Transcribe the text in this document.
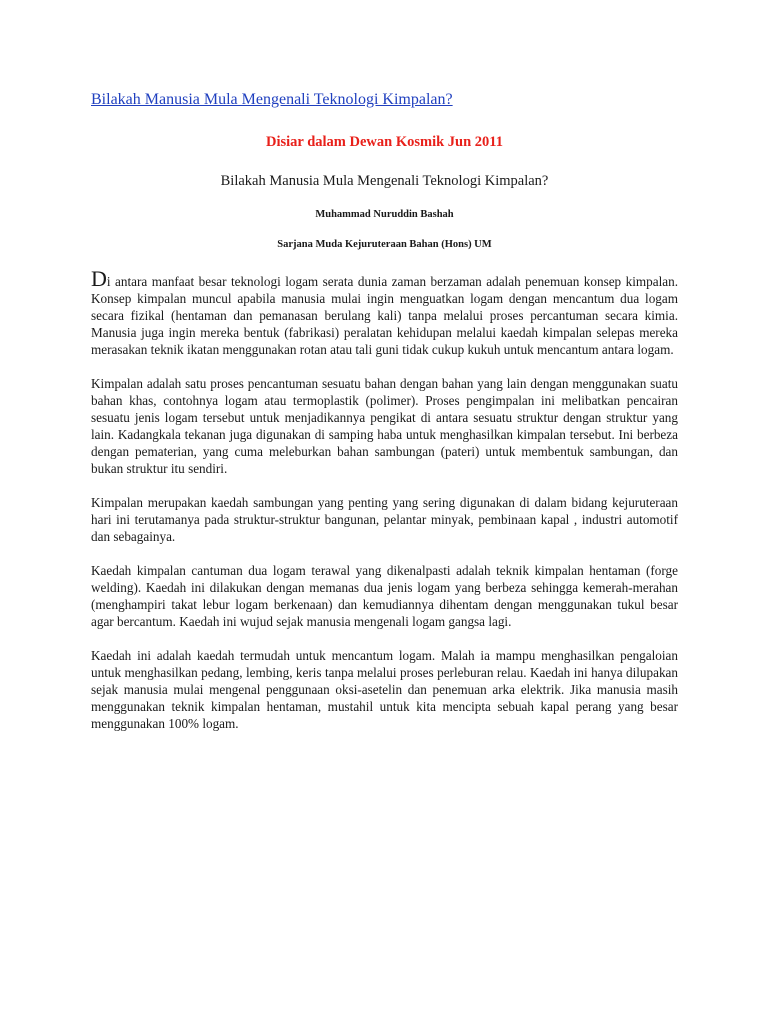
Bilakah Manusia Mula Mengenali Teknologi Kimpalan?
Disiar dalam Dewan Kosmik Jun 2011
Bilakah Manusia Mula Mengenali Teknologi Kimpalan?
Muhammad Nuruddin Bashah
Sarjana Muda Kejuruteraan Bahan (Hons) UM

Di antara manfaat besar teknologi logam serata dunia zaman berzaman adalah penemuan konsep kimpalan. Konsep kimpalan muncul apabila manusia mulai ingin menguatkan logam dengan mencantum dua logam secara fizikal (hentaman dan pemanasan berulang kali) tanpa melalui proses percantuman secara kimia. Manusia juga ingin mereka bentuk (fabrikasi) peralatan kehidupan melalui kaedah kimpalan selepas mereka merasakan teknik ikatan menggunakan rotan atau tali guni tidak cukup kukuh untuk mencantum antara logam.

Kimpalan adalah satu proses pencantuman sesuatu bahan dengan bahan yang lain dengan menggunakan suatu bahan khas, contohnya logam atau termoplastik (polimer). Proses pengimpalan ini melibatkan pencairan sesuatu jenis logam tersebut untuk menjadikannya pengikat di antara sesuatu struktur dengan struktur yang lain. Kadangkala tekanan juga digunakan di samping haba untuk menghasilkan kimpalan tersebut. Ini berbeza dengan pematerian, yang cuma meleburkan bahan sambungan (pateri) untuk membentuk sambungan, dan bukan struktur itu sendiri.

Kimpalan merupakan kaedah sambungan yang penting yang sering digunakan di dalam bidang kejuruteraan hari ini terutamanya pada struktur-struktur bangunan, pelantar minyak, pembinaan kapal , industri automotif dan sebagainya.

Kaedah kimpalan cantuman dua logam terawal yang dikenalpasti adalah teknik kimpalan hentaman (forge welding). Kaedah ini dilakukan dengan memanas dua jenis logam yang berbeza sehingga kemerah-merahan (menghampiri takat lebur logam berkenaan) dan kemudiannya dihentam dengan menggunakan tukul besar agar bercantum. Kaedah ini wujud sejak manusia mengenali logam gangsa lagi.

Kaedah ini adalah kaedah termudah untuk mencantum logam. Malah ia mampu menghasilkan pengaloian untuk menghasilkan pedang, lembing, keris tanpa melalui proses perleburan relau. Kaedah ini hanya dilupakan sejak manusia mulai mengenal penggunaan oksi-asetelin dan penemuan arka elektrik. Jika manusia masih menggunakan teknik kimpalan hentaman, mustahil untuk kita mencipta sebuah kapal perang yang besar menggunakan 100% logam.
